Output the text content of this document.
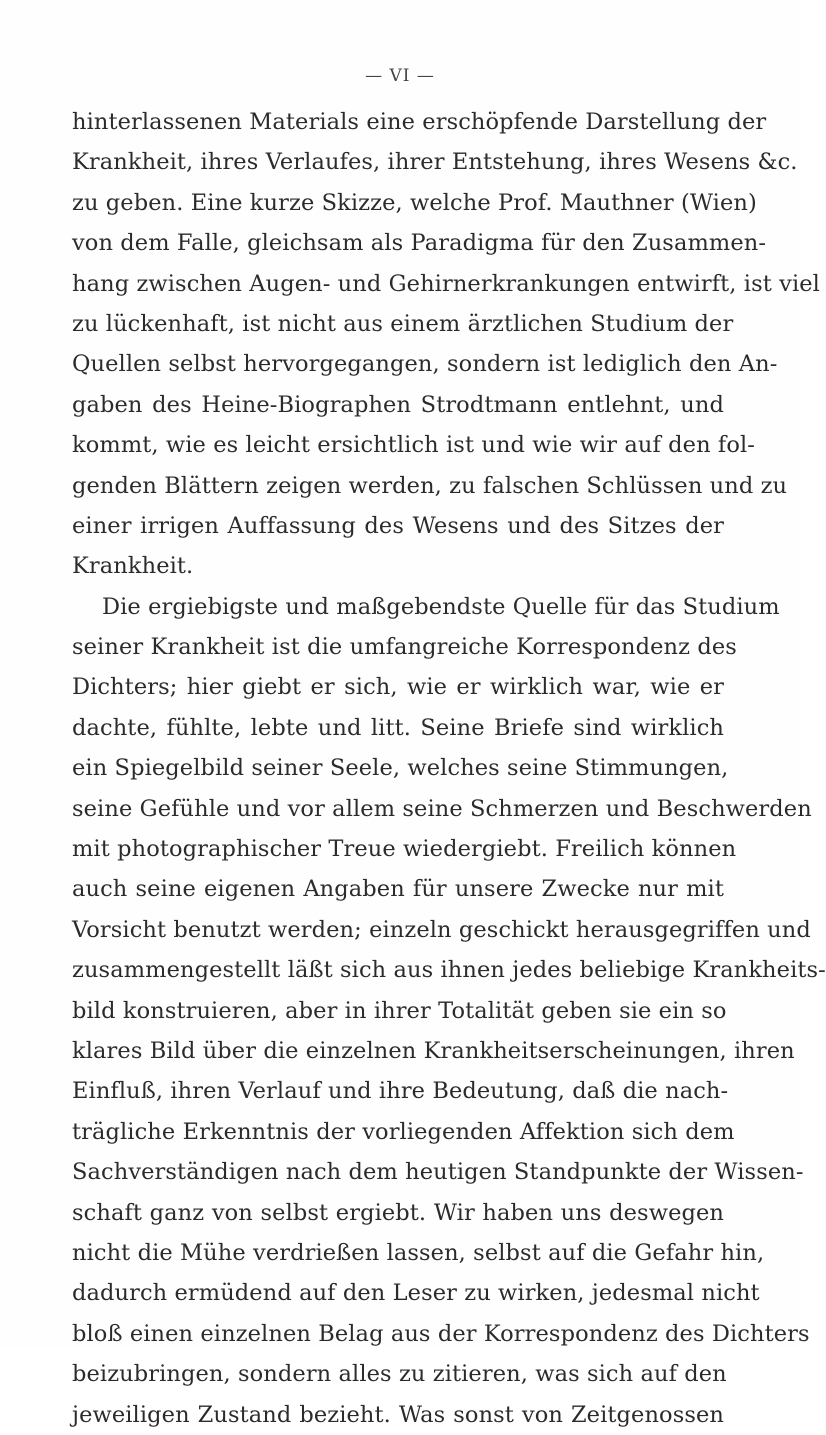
— VI —
hinterlassenen Materials eine erschöpfende Darstellung der
Krankheit, ihres Verlaufes, ihrer Entstehung, ihres Wesens &c.
zu geben. Eine kurze Skizze, welche Prof. Mauthner (Wien)
von dem Falle, gleichsam als Paradigma für den Zusammen-
hang zwischen Augen- und Gehirnerkrankungen entwirft, ist viel
zu lückenhaft, ist nicht aus einem ärztlichen Studium der
Quellen selbst hervorgegangen, sondern ist lediglich den An-
gaben des Heine-Biographen Strodtmann entlehnt, und
kommt, wie es leicht ersichtlich ist und wie wir auf den fol-
genden Blättern zeigen werden, zu falschen Schlüssen und zu
einer irrigen Auffassung des Wesens und des Sitzes der
Krankheit.
Die ergiebigste und maßgebendste Quelle für das Studium
seiner Krankheit ist die umfangreiche Korrespondenz des
Dichters; hier giebt er sich, wie er wirklich war, wie er
dachte, fühlte, lebte und litt. Seine Briefe sind wirklich
ein Spiegelbild seiner Seele, welches seine Stimmungen,
seine Gefühle und vor allem seine Schmerzen und Beschwerden
mit photographischer Treue wiedergiebt. Freilich können
auch seine eigenen Angaben für unsere Zwecke nur mit
Vorsicht benutzt werden; einzeln geschickt herausgegriffen und
zusammengestellt läßt sich aus ihnen jedes beliebige Krankheits-
bild konstruieren, aber in ihrer Totalität geben sie ein so
klares Bild über die einzelnen Krankheitserscheinungen, ihren
Einfluß, ihren Verlauf und ihre Bedeutung, daß die nach-
trägliche Erkenntnis der vorliegenden Affektion sich dem
Sachverständigen nach dem heutigen Standpunkte der Wissen-
schaft ganz von selbst ergiebt. Wir haben uns deswegen
nicht die Mühe verdrießen lassen, selbst auf die Gefahr hin,
dadurch ermüdend auf den Leser zu wirken, jedesmal nicht
bloß einen einzelnen Belag aus der Korrespondenz des Dichters
beizubringen, sondern alles zu zitieren, was sich auf den
jeweiligen Zustand bezieht. Was sonst von Zeitgenossen
